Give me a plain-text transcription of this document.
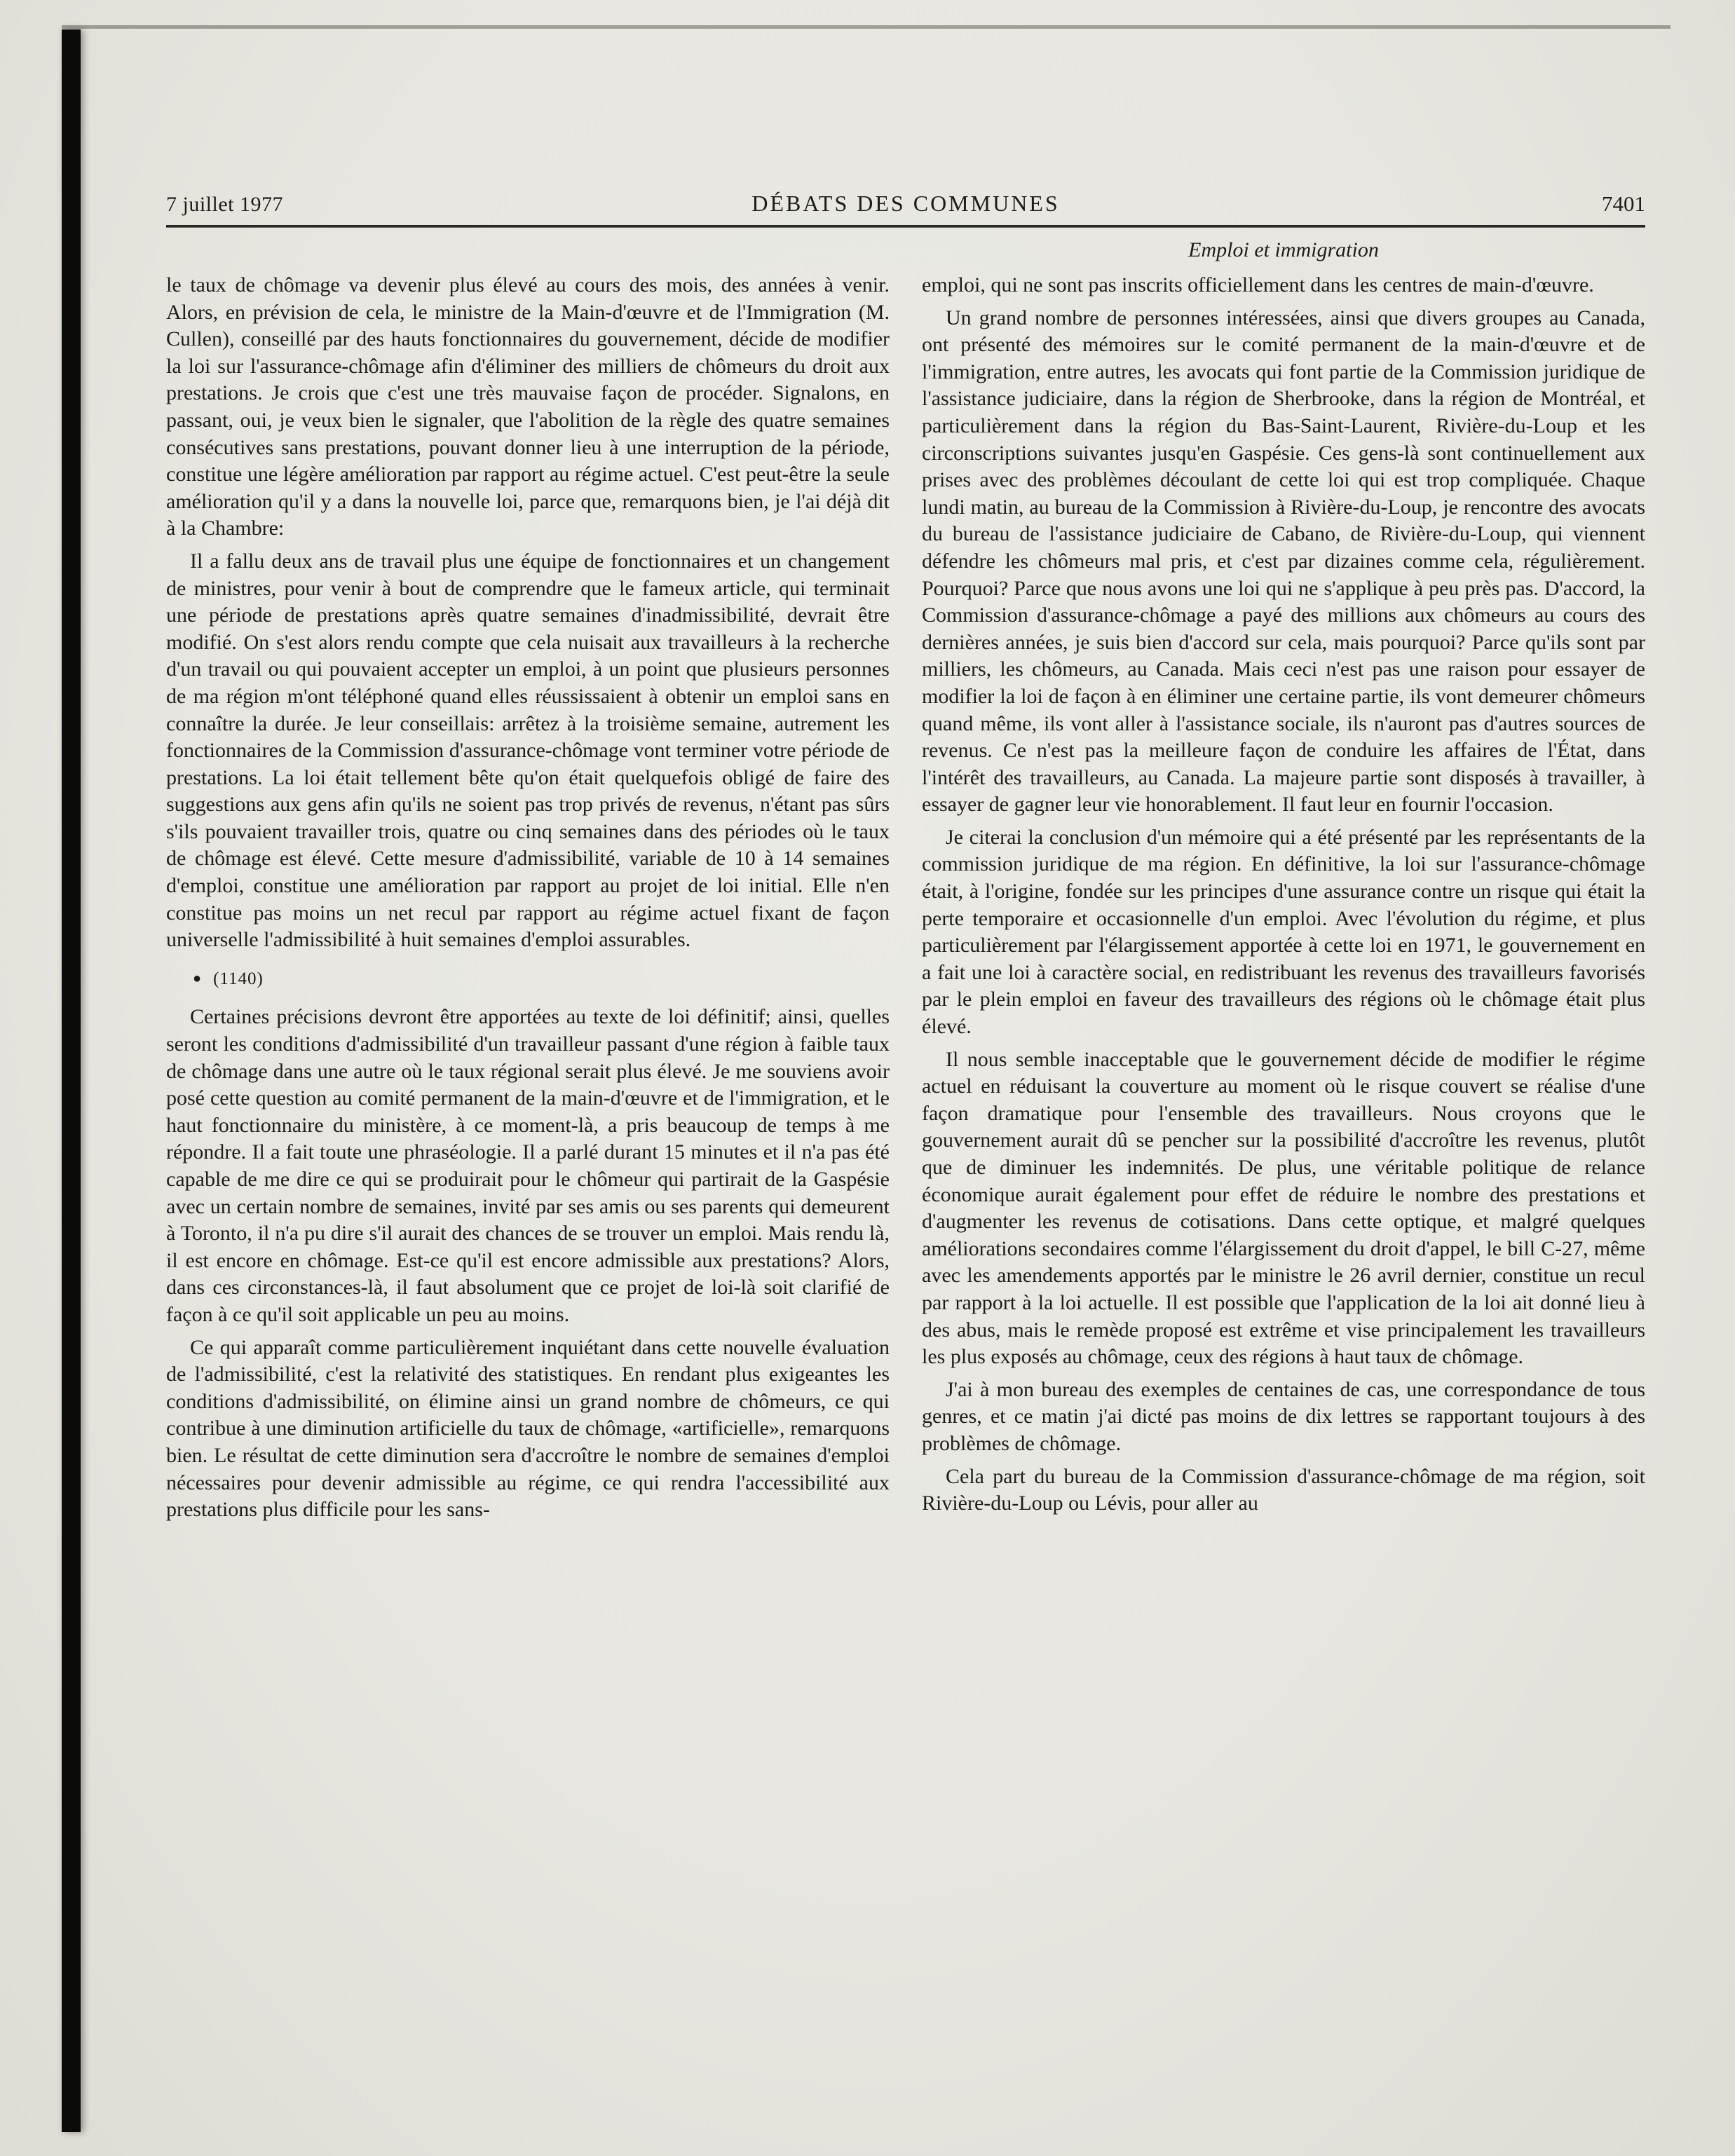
7 juillet 1977	DÉBATS DES COMMUNES	7401
Emploi et immigration

le taux de chômage va devenir plus élevé au cours des mois, des années à venir. Alors, en prévision de cela, le ministre de la Main-d'œuvre et de l'Immigration (M. Cullen), conseillé par des hauts fonctionnaires du gouvernement, décide de modifier la loi sur l'assurance-chômage afin d'éliminer des milliers de chômeurs du droit aux prestations. Je crois que c'est une très mauvaise façon de procéder. Signalons, en passant, oui, je veux bien le signaler, que l'abolition de la règle des quatre semaines consécutives sans prestations, pouvant donner lieu à une interruption de la période, constitue une légère amélioration par rapport au régime actuel. C'est peut-être la seule amélioration qu'il y a dans la nouvelle loi, parce que, remarquons bien, je l'ai déjà dit à la Chambre:

Il a fallu deux ans de travail plus une équipe de fonctionnaires et un changement de ministres, pour venir à bout de comprendre que le fameux article, qui terminait une période de prestations après quatre semaines d'inadmissibilité, devrait être modifié. On s'est alors rendu compte que cela nuisait aux travailleurs à la recherche d'un travail ou qui pouvaient accepter un emploi, à un point que plusieurs personnes de ma région m'ont téléphoné quand elles réussissaient à obtenir un emploi sans en connaître la durée. Je leur conseillais: arrêtez à la troisième semaine, autrement les fonctionnaires de la Commission d'assurance-chômage vont terminer votre période de prestations. La loi était tellement bête qu'on était quelquefois obligé de faire des suggestions aux gens afin qu'ils ne soient pas trop privés de revenus, n'étant pas sûrs s'ils pouvaient travailler trois, quatre ou cinq semaines dans des périodes où le taux de chômage est élevé. Cette mesure d'admissibilité, variable de 10 à 14 semaines d'emploi, constitue une amélioration par rapport au projet de loi initial. Elle n'en constitue pas moins un net recul par rapport au régime actuel fixant de façon universelle l'admissibilité à huit semaines d'emploi assurables.

● (1140)

Certaines précisions devront être apportées au texte de loi définitif; ainsi, quelles seront les conditions d'admissibilité d'un travailleur passant d'une région à faible taux de chômage dans une autre où le taux régional serait plus élevé. Je me souviens avoir posé cette question au comité permanent de la main-d'œuvre et de l'immigration, et le haut fonctionnaire du ministère, à ce moment-là, a pris beaucoup de temps à me répondre. Il a fait toute une phraséologie. Il a parlé durant 15 minutes et il n'a pas été capable de me dire ce qui se produirait pour le chômeur qui partirait de la Gaspésie avec un certain nombre de semaines, invité par ses amis ou ses parents qui demeurent à Toronto, il n'a pu dire s'il aurait des chances de se trouver un emploi. Mais rendu là, il est encore en chômage. Est-ce qu'il est encore admissible aux prestations? Alors, dans ces circonstances-là, il faut absolument que ce projet de loi-là soit clarifié de façon à ce qu'il soit applicable un peu au moins.

Ce qui apparaît comme particulièrement inquiétant dans cette nouvelle évaluation de l'admissibilité, c'est la relativité des statistiques. En rendant plus exigeantes les conditions d'admissibilité, on élimine ainsi un grand nombre de chômeurs, ce qui contribue à une diminution artificielle du taux de chômage, «artificielle», remarquons bien. Le résultat de cette diminution sera d'accroître le nombre de semaines d'emploi nécessaires pour devenir admissible au régime, ce qui rendra l'accessibilité aux prestations plus difficile pour les sans-

emploi, qui ne sont pas inscrits officiellement dans les centres de main-d'œuvre.

Un grand nombre de personnes intéressées, ainsi que divers groupes au Canada, ont présenté des mémoires sur le comité permanent de la main-d'œuvre et de l'immigration, entre autres, les avocats qui font partie de la Commission juridique de l'assistance judiciaire, dans la région de Sherbrooke, dans la région de Montréal, et particulièrement dans la région du Bas-Saint-Laurent, Rivière-du-Loup et les circonscriptions suivantes jusqu'en Gaspésie. Ces gens-là sont continuellement aux prises avec des problèmes découlant de cette loi qui est trop compliquée. Chaque lundi matin, au bureau de la Commission à Rivière-du-Loup, je rencontre des avocats du bureau de l'assistance judiciaire de Cabano, de Rivière-du-Loup, qui viennent défendre les chômeurs mal pris, et c'est par dizaines comme cela, régulièrement. Pourquoi? Parce que nous avons une loi qui ne s'applique à peu près pas. D'accord, la Commission d'assurance-chômage a payé des millions aux chômeurs au cours des dernières années, je suis bien d'accord sur cela, mais pourquoi? Parce qu'ils sont par milliers, les chômeurs, au Canada. Mais ceci n'est pas une raison pour essayer de modifier la loi de façon à en éliminer une certaine partie, ils vont demeurer chômeurs quand même, ils vont aller à l'assistance sociale, ils n'auront pas d'autres sources de revenus. Ce n'est pas la meilleure façon de conduire les affaires de l'État, dans l'intérêt des travailleurs, au Canada. La majeure partie sont disposés à travailler, à essayer de gagner leur vie honorablement. Il faut leur en fournir l'occasion.

Je citerai la conclusion d'un mémoire qui a été présenté par les représentants de la commission juridique de ma région. En définitive, la loi sur l'assurance-chômage était, à l'origine, fondée sur les principes d'une assurance contre un risque qui était la perte temporaire et occasionnelle d'un emploi. Avec l'évolution du régime, et plus particulièrement par l'élargissement apportée à cette loi en 1971, le gouvernement en a fait une loi à caractère social, en redistribuant les revenus des travailleurs favorisés par le plein emploi en faveur des travailleurs des régions où le chômage était plus élevé.

Il nous semble inacceptable que le gouvernement décide de modifier le régime actuel en réduisant la couverture au moment où le risque couvert se réalise d'une façon dramatique pour l'ensemble des travailleurs. Nous croyons que le gouvernement aurait dû se pencher sur la possibilité d'accroître les revenus, plutôt que de diminuer les indemnités. De plus, une véritable politique de relance économique aurait également pour effet de réduire le nombre des prestations et d'augmenter les revenus de cotisations. Dans cette optique, et malgré quelques améliorations secondaires comme l'élargissement du droit d'appel, le bill C-27, même avec les amendements apportés par le ministre le 26 avril dernier, constitue un recul par rapport à la loi actuelle. Il est possible que l'application de la loi ait donné lieu à des abus, mais le remède proposé est extrême et vise principalement les travailleurs les plus exposés au chômage, ceux des régions à haut taux de chômage.

J'ai à mon bureau des exemples de centaines de cas, une correspondance de tous genres, et ce matin j'ai dicté pas moins de dix lettres se rapportant toujours à des problèmes de chômage.

Cela part du bureau de la Commission d'assurance-chômage de ma région, soit Rivière-du-Loup ou Lévis, pour aller au
